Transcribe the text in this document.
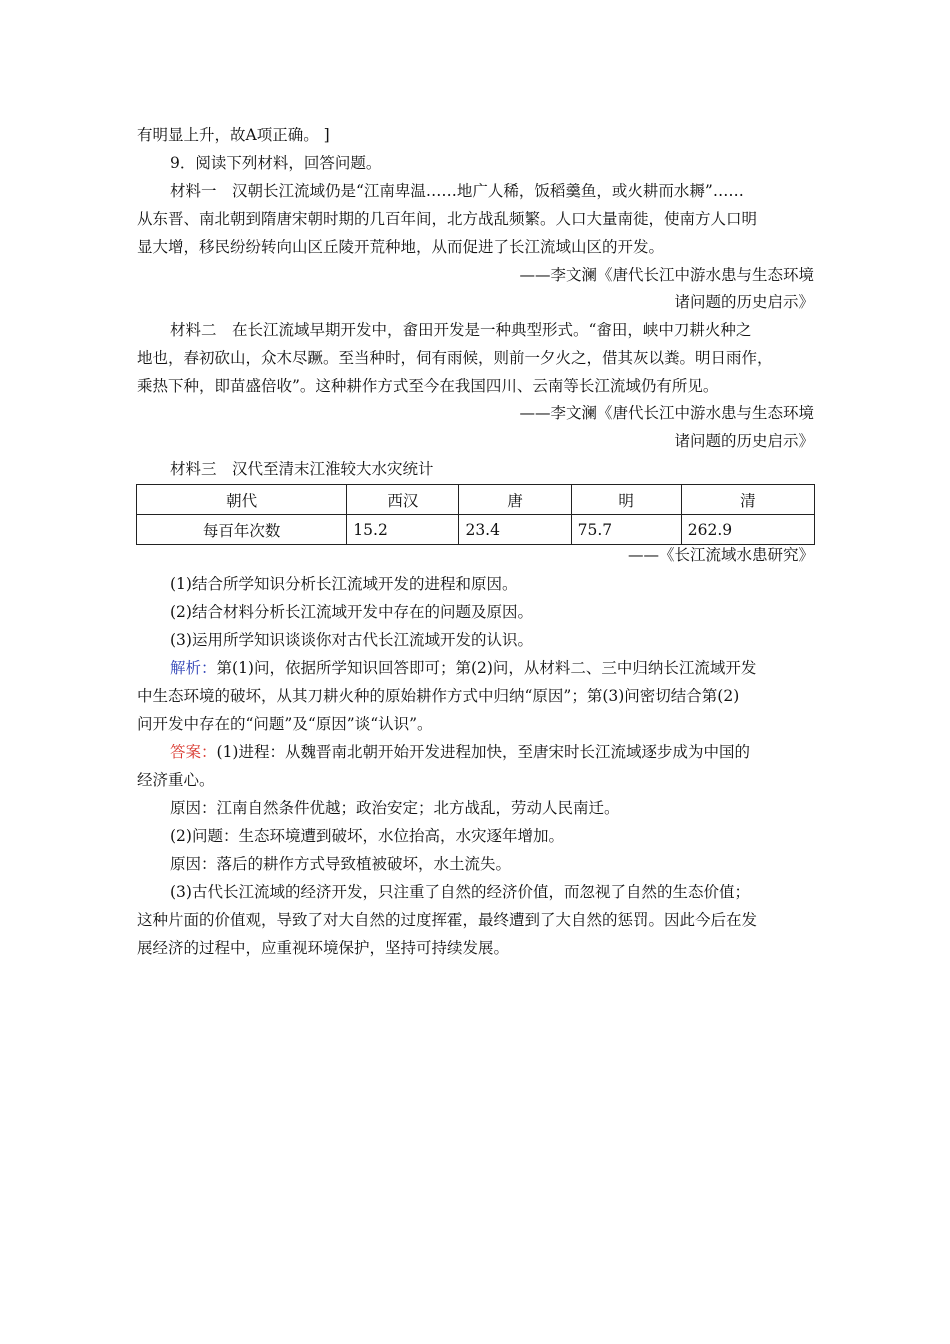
有明显上升，故A项正确。 ]
9．阅读下列材料，回答问题。
材料一　汉朝长江流域仍是“江南卑温……地广人稀，饭稻羹鱼，或火耕而水耨”……
从东晋、南北朝到隋唐宋朝时期的几百年间，北方战乱频繁。人口大量南徙，使南方人口明
显大增，移民纷纷转向山区丘陵开荒种地，从而促进了长江流域山区的开发。
——李文澜《唐代长江中游水患与生态环境
诸问题的历史启示》
材料二　在长江流域早期开发中，畲田开发是一种典型形式。“畲田，峡中刀耕火种之
地也，春初砍山，众木尽蹶。至当种时，伺有雨候，则前一夕火之，借其灰以粪。明日雨作，
乘热下种，即苗盛倍收”。这种耕作方式至今在我国四川、云南等长江流域仍有所见。
——李文澜《唐代长江中游水患与生态环境
诸问题的历史启示》
材料三　汉代至清末江淮较大水灾统计
朝代	西汉	唐	明	清
每百年次数	15.2	23.4	75.7	262.9
——《长江流域水患研究》
(1)结合所学知识分析长江流域开发的进程和原因。
(2)结合材料分析长江流域开发中存在的问题及原因。
(3)运用所学知识谈谈你对古代长江流域开发的认识。
解析：第(1)问，依据所学知识回答即可；第(2)问，从材料二、三中归纳长江流域开发
中生态环境的破坏，从其刀耕火种的原始耕作方式中归纳“原因”；第(3)问密切结合第(2)
问开发中存在的“问题”及“原因”谈“认识”。
答案：(1)进程：从魏晋南北朝开始开发进程加快，至唐宋时长江流域逐步成为中国的
经济重心。
原因：江南自然条件优越；政治安定；北方战乱，劳动人民南迁。
(2)问题：生态环境遭到破坏，水位抬高，水灾逐年增加。
原因：落后的耕作方式导致植被破坏，水土流失。
(3)古代长江流域的经济开发，只注重了自然的经济价值，而忽视了自然的生态价值；
这种片面的价值观，导致了对大自然的过度挥霍，最终遭到了大自然的惩罚。因此今后在发
展经济的过程中，应重视环境保护，坚持可持续发展。
